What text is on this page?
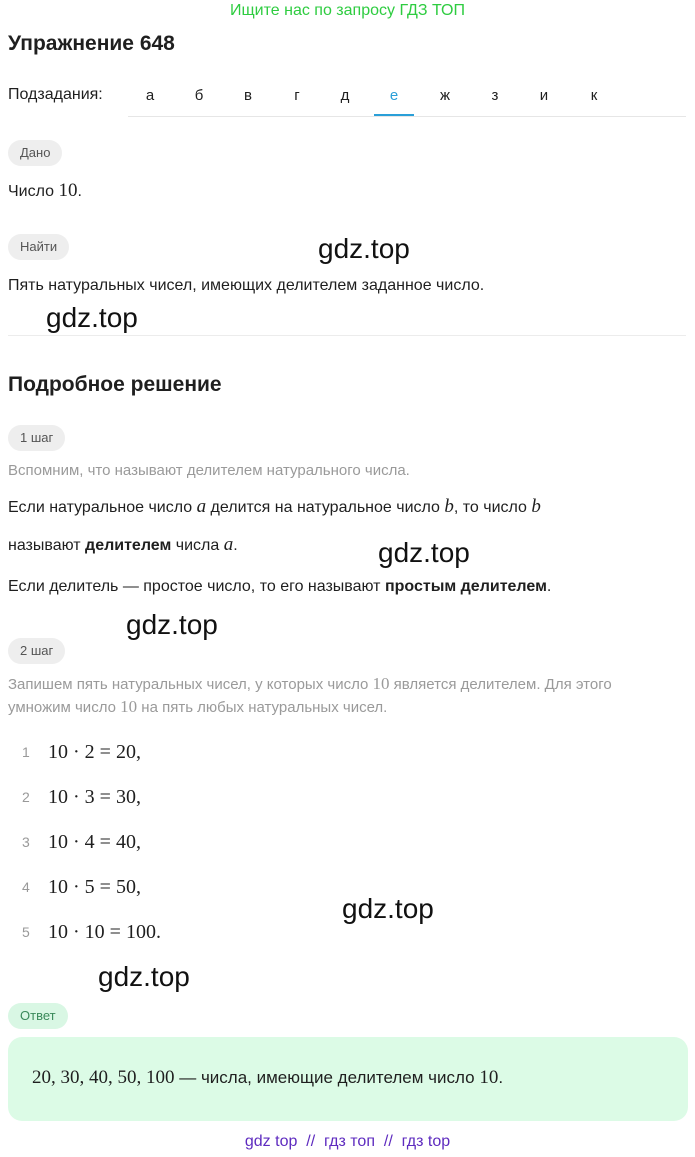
Ищите нас по запросу ГДЗ ТОП
Упражнение 648
Подзадания:	а	б	в	г	д	е	ж	з	и	к
Дано
Число 10.
Найти
Пять натуральных чисел, имеющих делителем заданное число.
Подробное решение
1 шаг
Вспомним, что называют делителем натурального числа.
Если натуральное число a делится на натуральное число b, то число b
называют делителем числа a.
Если делитель — простое число, то его называют простым делителем.
2 шаг
Запишем пять натуральных чисел, у которых число 10 является делителем. Для этого
умножим число 10 на пять любых натуральных чисел.
1 10 · 2 = 20,
2 10 · 3 = 30,
3 10 · 4 = 40,
4 10 · 5 = 50,
5 10 · 10 = 100.
Ответ
20, 30, 40, 50, 100 — числа, имеющие делителем число 10.
gdz.top
gdz.top
gdz.top
gdz.top
gdz.top
gdz.top
gdz top  //  гдз топ  //  гдз top
